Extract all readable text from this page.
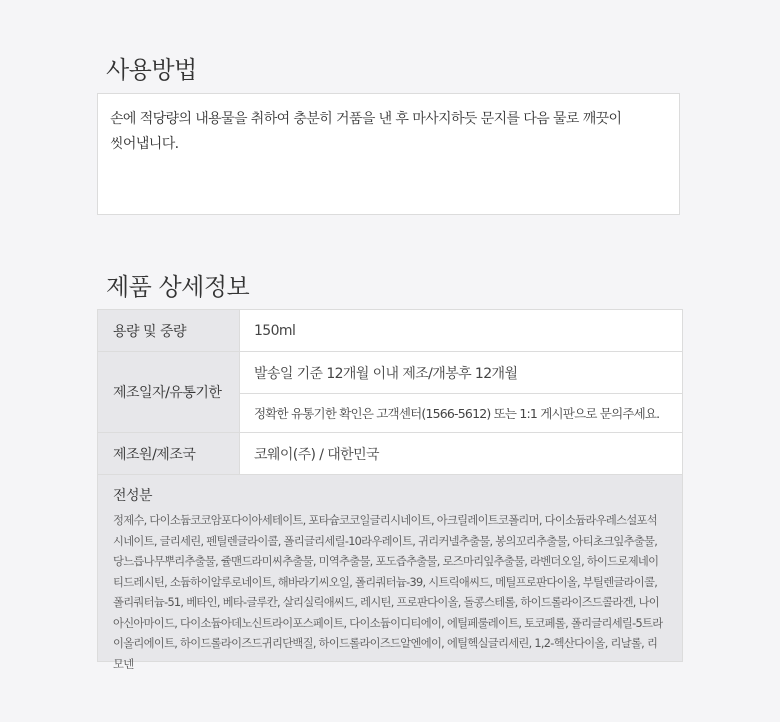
사용방법
손에 적당량의 내용물을 취하여 충분히 거품을 낸 후 마사지하듯 문지를 다음 물로 깨끗이
씻어냅니다.
제품 상세정보
용량 및 중량	150ml
제조일자/유통기한
발송일 기준 12개월 이내 제조/개봉후 12개월
정확한 유통기한 확인은 고객센터(1566-5612) 또는 1:1 게시판으로 문의주세요.
제조원/제조국	코웨이(주) / 대한민국
전성분
정제수, 다이소듐코코암포다이아세테이트, 포타슘코코일글리시네이트, 아크릴레이트코폴리머, 다이소듐라우레스설포석시네이트, 글리세린, 펜틸렌글라이콜, 폴리글리세릴-10라우레이트, 귀리커넬추출물, 봉의꼬리추출물, 아티초크잎추출물, 당느릅나무뿌리추출물, 쥴맨드라미씨추출물, 미역추출물, 포도즙추출물, 로즈마리잎추출물, 라벤더오일, 하이드로제네이티드레시틴, 소듐하이알루로네이트, 해바라기씨오일, 폴리쿼터늄-39, 시트릭애씨드, 메틸프로판다이올, 부틸렌글라이콜, 폴리쿼터늄-51, 베타인, 베타-글루칸, 살리실릭애씨드, 레시틴, 프로판다이올, 돌콩스테롤, 하이드롤라이즈드콜라겐, 나이아신아마이드, 다이소듐아데노신트라이포스페이트, 다이소듐이디티에이, 에틸페룰레이트, 토코페롤, 폴리글리세릴-5트라이올리에이트, 하이드롤라이즈드귀리단백질, 하이드롤라이즈드알엔에이, 에틸헥실글리세린, 1,2-헥산다이올, 리날롤, 리모넨
